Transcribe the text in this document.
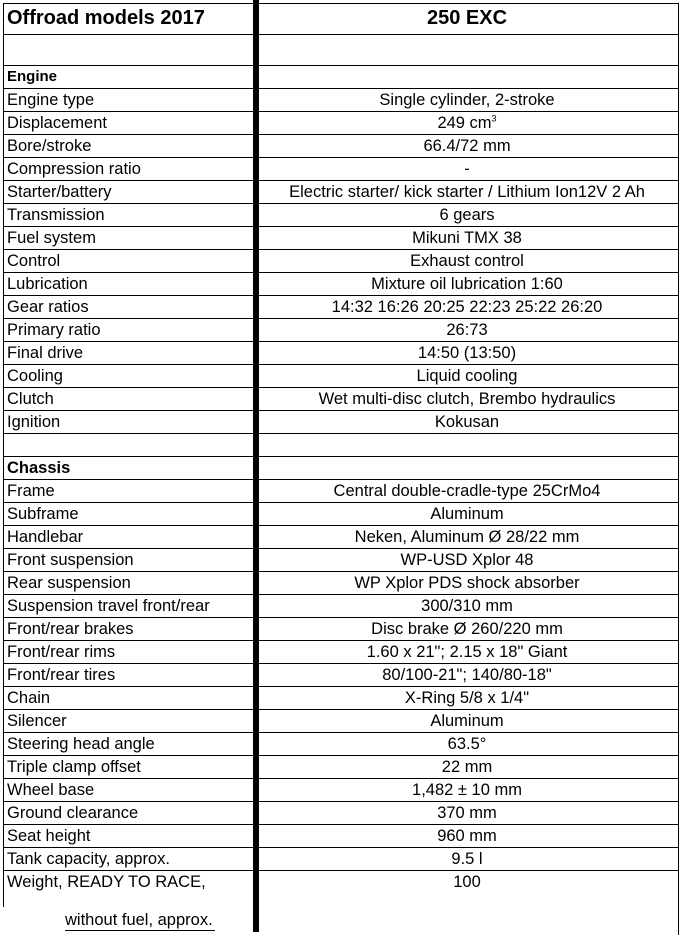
Offroad models 2017	250 EXC
Engine
Engine type	Single cylinder, 2-stroke
Displacement	249 $cm^3$
Bore/stroke	66.4/72 mm
Compression ratio	-
Starter/battery	Electric starter/ kick starter / Lithium Ion12V 2 Ah
Transmission	6 gears
Fuel system	Mikuni TMX 38
Control	Exhaust control
Lubrication	Mixture oil lubrication 1:60
Gear ratios	14:32 16:26 20:25 22:23 25:22 26:20
Primary ratio	26:73
Final drive	14:50 (13:50)
Cooling	Liquid cooling
Clutch	Wet multi-disc clutch, Brembo hydraulics
Ignition	Kokusan
Chassis
Frame	Central double-cradle-type 25CrMo4
Subframe	Aluminum
Handlebar	Neken, Aluminum Ø 28/22 mm
Front suspension	WP-USD Xplor 48
Rear suspension	WP Xplor PDS shock absorber
Suspension travel front/rear	300/310 mm
Front/rear brakes	Disc brake Ø 260/220 mm
Front/rear rims	1.60 x 21"; 2.15 x 18" Giant
Front/rear tires	80/100-21"; 140/80-18"
Chain	X-Ring 5/8 x 1/4"
Silencer	Aluminum
Steering head angle	63.5°
Triple clamp offset	22 mm
Wheel base	1,482 ± 10 mm
Ground clearance	370 mm
Seat height	960 mm
Tank capacity, approx.	9.5 l
Weight, READY TO RACE,	100
without fuel, approx.
